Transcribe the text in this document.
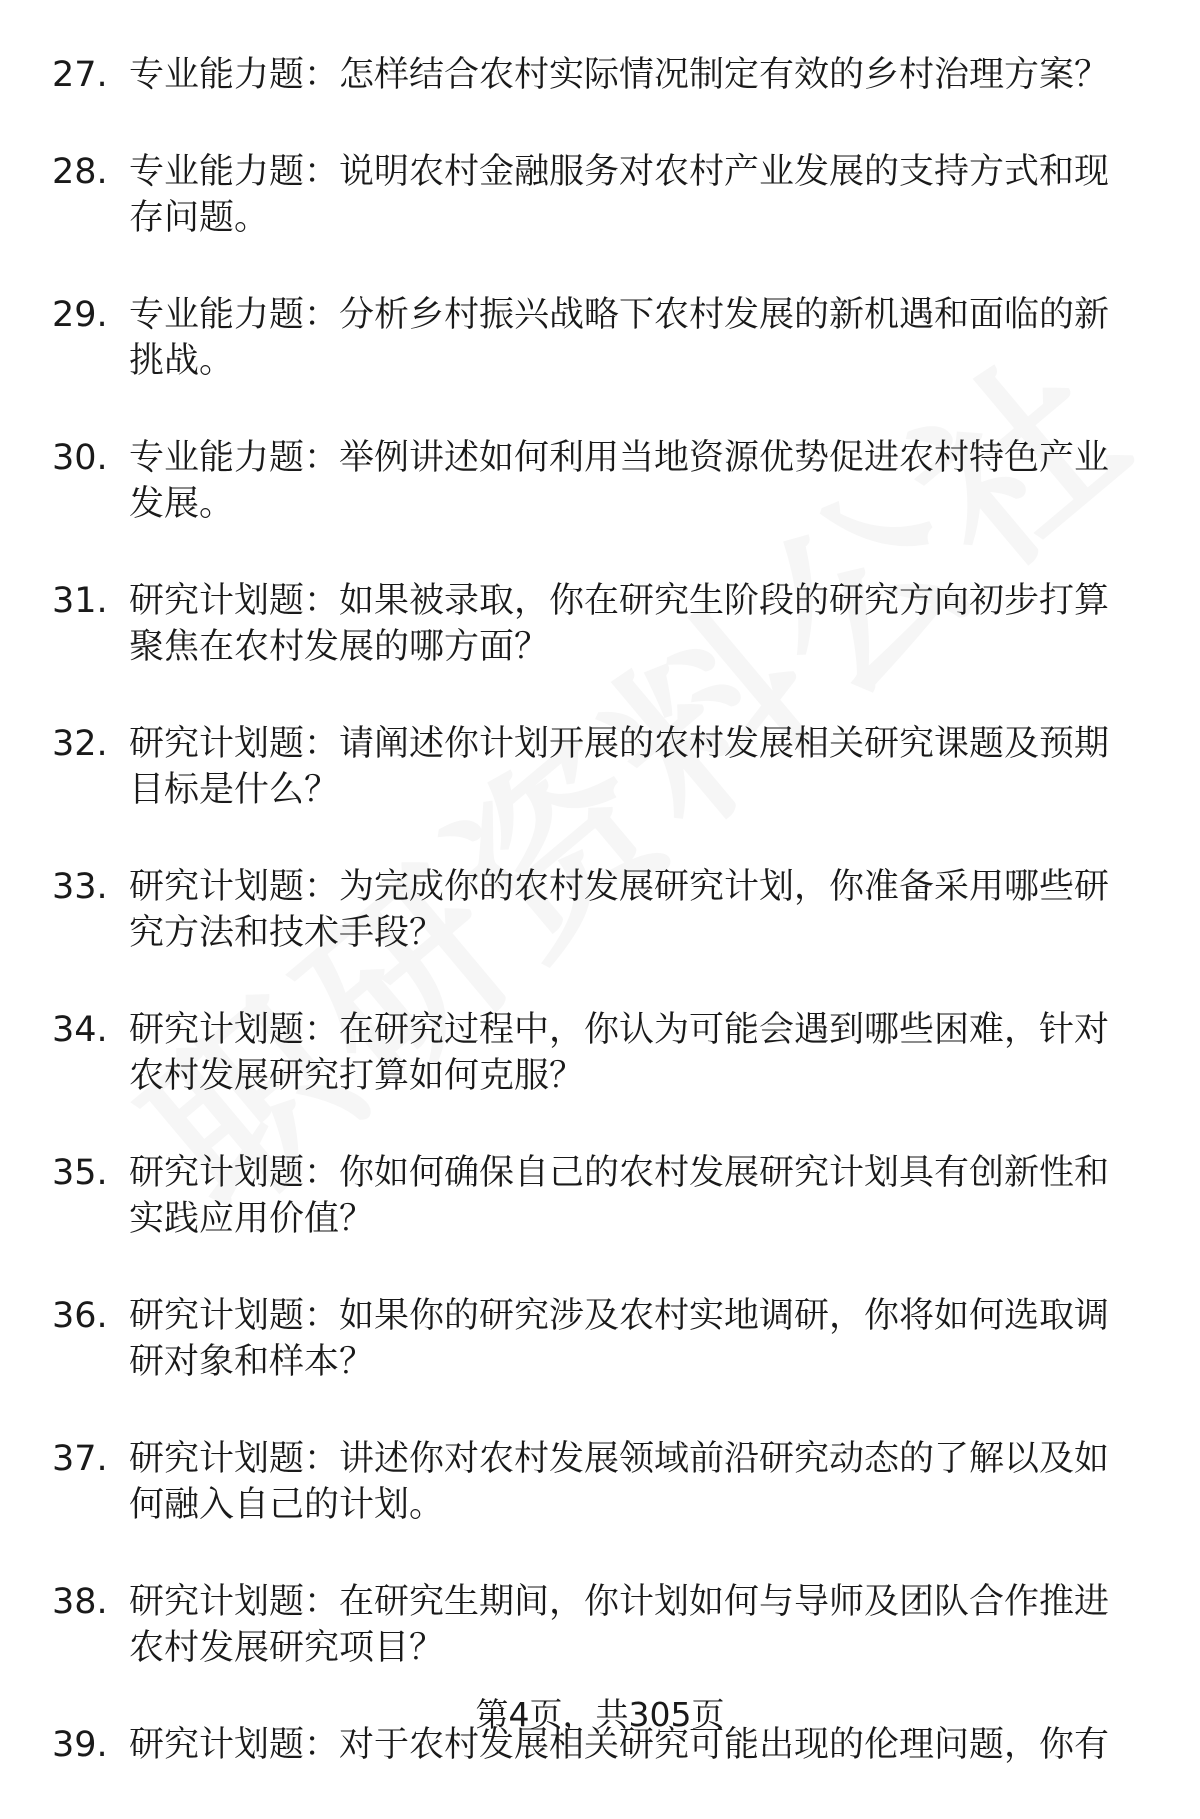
27. 专业能力题：怎样结合农村实际情况制定有效的乡村治理方案？
28. 专业能力题：说明农村金融服务对农村产业发展的支持方式和现存问题。
29. 专业能力题：分析乡村振兴战略下农村发展的新机遇和面临的新挑战。
30. 专业能力题：举例讲述如何利用当地资源优势促进农村特色产业发展。
31. 研究计划题：如果被录取，你在研究生阶段的研究方向初步打算聚焦在农村发展的哪方面？
32. 研究计划题：请阐述你计划开展的农村发展相关研究课题及预期目标是什么？
33. 研究计划题：为完成你的农村发展研究计划，你准备采用哪些研究方法和技术手段？
34. 研究计划题：在研究过程中，你认为可能会遇到哪些困难，针对农村发展研究打算如何克服？
35. 研究计划题：你如何确保自己的农村发展研究计划具有创新性和实践应用价值？
36. 研究计划题：如果你的研究涉及农村实地调研，你将如何选取调研对象和样本？
37. 研究计划题：讲述你对农村发展领域前沿研究动态的了解以及如何融入自己的计划。
38. 研究计划题：在研究生期间，你计划如何与导师及团队合作推进农村发展研究项目？
39. 研究计划题：对于农村发展相关研究可能出现的伦理问题，你有
第4页，共305页
